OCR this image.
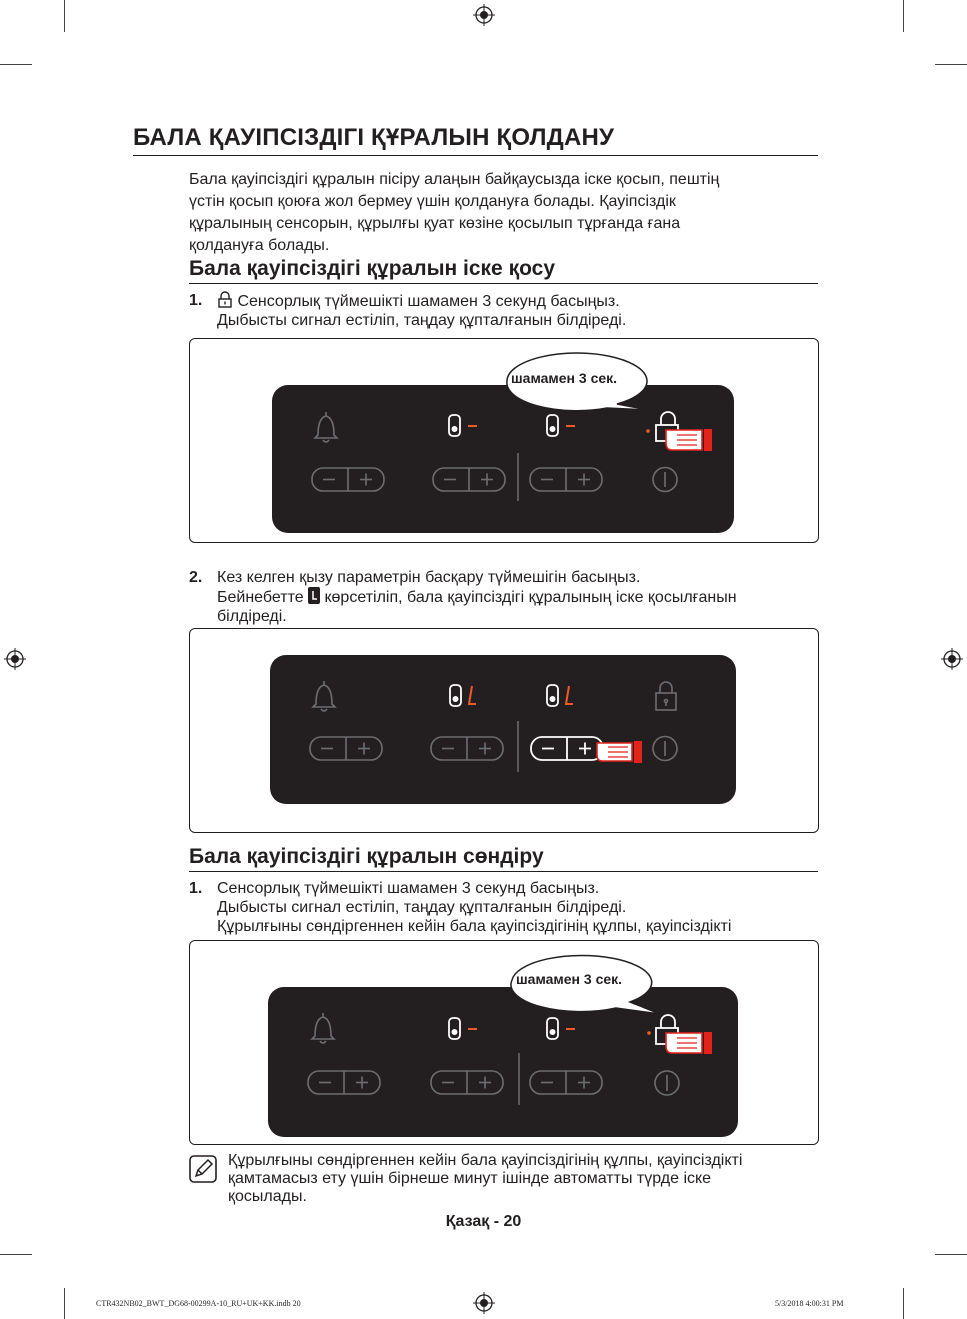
БАЛА ҚАУІПСІЗДІГІ ҚҰРАЛЫН ҚОЛДАНУ
Бала қауіпсіздігі құралын пісіру алаңын байқаусызда іске қосып, пештің
үстін қосып қоюға жол бермеу үшін қолдануға болады. Қауіпсіздік
құралының сенсорын, құрылғы қуат көзіне қосылып тұрғанда ғана
қолдануға болады.
Бала қауіпсіздігі құралын іске қосу
1.	Сенсорлық түймешікті шамамен 3 секунд басыңыз.
Дыбысты сигнал естіліп, таңдау құпталғанын білдіреді.
шамамен 3 сек.
2. Кез келген қызу параметрін басқару түймешігін басыңыз.
Бейнебетте көрсетіліп, бала қауіпсіздігі құралының іске қосылғанын
білдіреді.
Бала қауіпсіздігі құралын сөндіру
1. Сенсорлық түймешікті шамамен 3 секунд басыңыз.
Дыбысты сигнал естіліп, таңдау құпталғанын білдіреді.
Құрылғыны сөндіргеннен кейін бала қауіпсіздігінің құлпы, қауіпсіздікті
шамамен 3 сек.
Құрылғыны сөндіргеннен кейін бала қауіпсіздігінің құлпы, қауіпсіздікті
қамтамасыз ету үшін бірнеше минут ішінде автоматты түрде іске
қосылады.
Қазақ - 20
CTR432NB02_BWT_DG68-00299A-10_RU+UK+KK.indb 20	5/3/2018 4:00:31 PM
